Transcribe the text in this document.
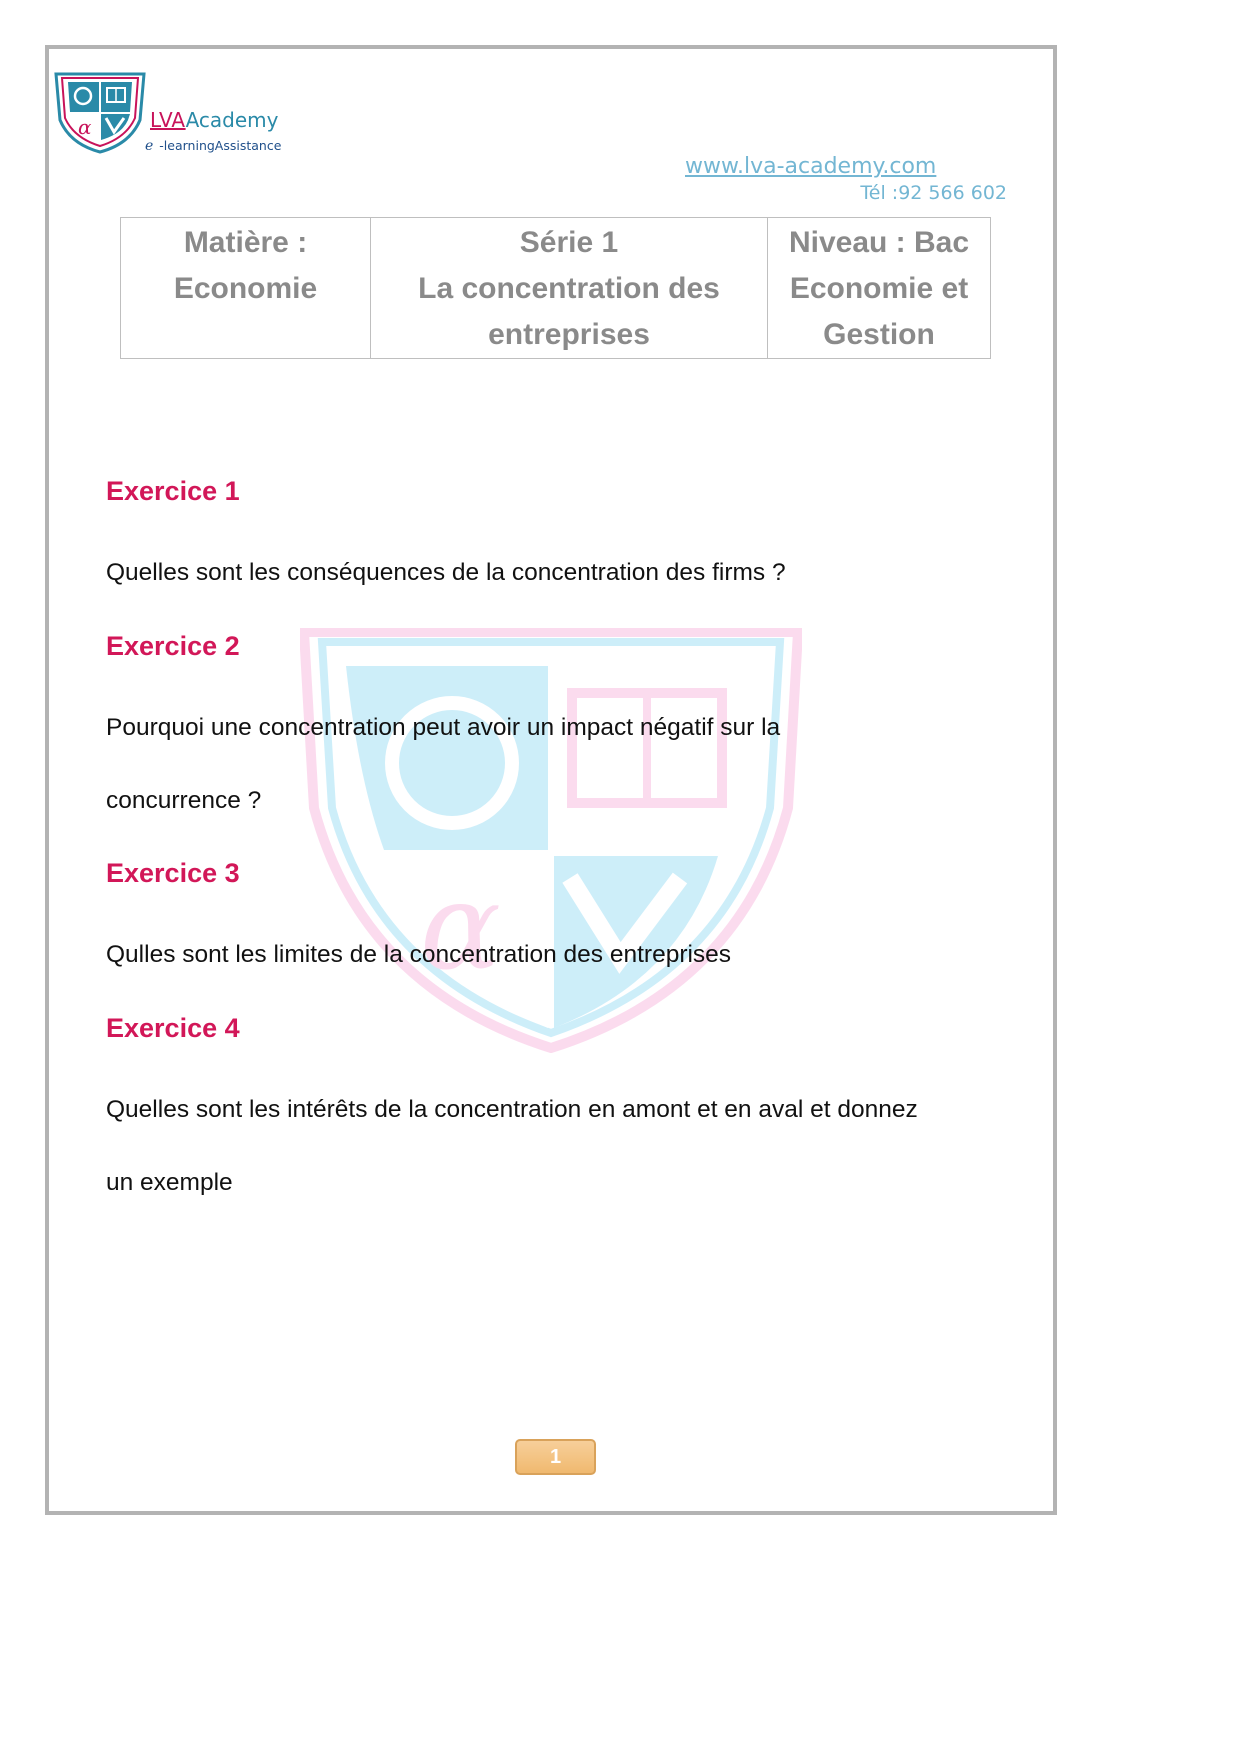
α	LVAAcademy
e -learningAssistance
www.lva-academy.com
Tél :92 566 602
Matière :
Economie

Série 1
La concentration des
entreprises

Niveau : Bac
Economie et
Gestion
α
Exercice 1
Quelles sont les conséquences de la concentration des firms ?
Exercice 2
Pourquoi une concentration peut avoir un impact négatif sur la
concurrence ?
Exercice 3
Qulles sont les limites de la concentration des entreprises
Exercice 4
Quelles sont les intérêts de la concentration en amont et en aval et donnez
un exemple
1
